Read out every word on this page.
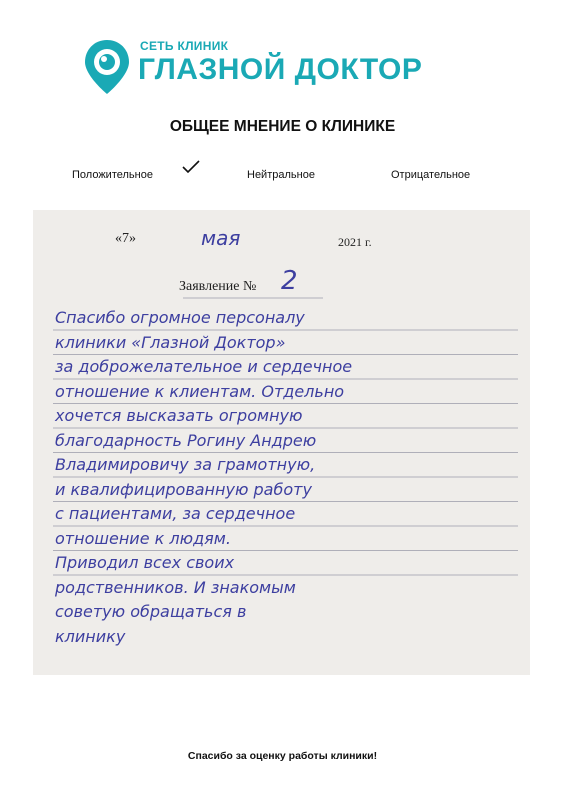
СЕТЬ КЛИНИК
ГЛАЗНОЙ ДОКТОР
ОБЩЕЕ МНЕНИЕ О КЛИНИКЕ
Положительное	Нейтральное	Отрицательное
«7»	мая	2021 г.
Заявление № 2
Спасибо огромное персоналу
клиники «Глазной Доктор»
за доброжелательное и сердечное
отношение к клиентам. Отдельно
хочется высказать огромную
благодарность Рогину Андрею
Владимировичу за грамотную,
и квалифицированную работу
с пациентами, за сердечное
отношение к людям.
Приводил всех своих
родственников. И знакомым
советую обращаться в
клинику
Спасибо за оценку работы клиники!
